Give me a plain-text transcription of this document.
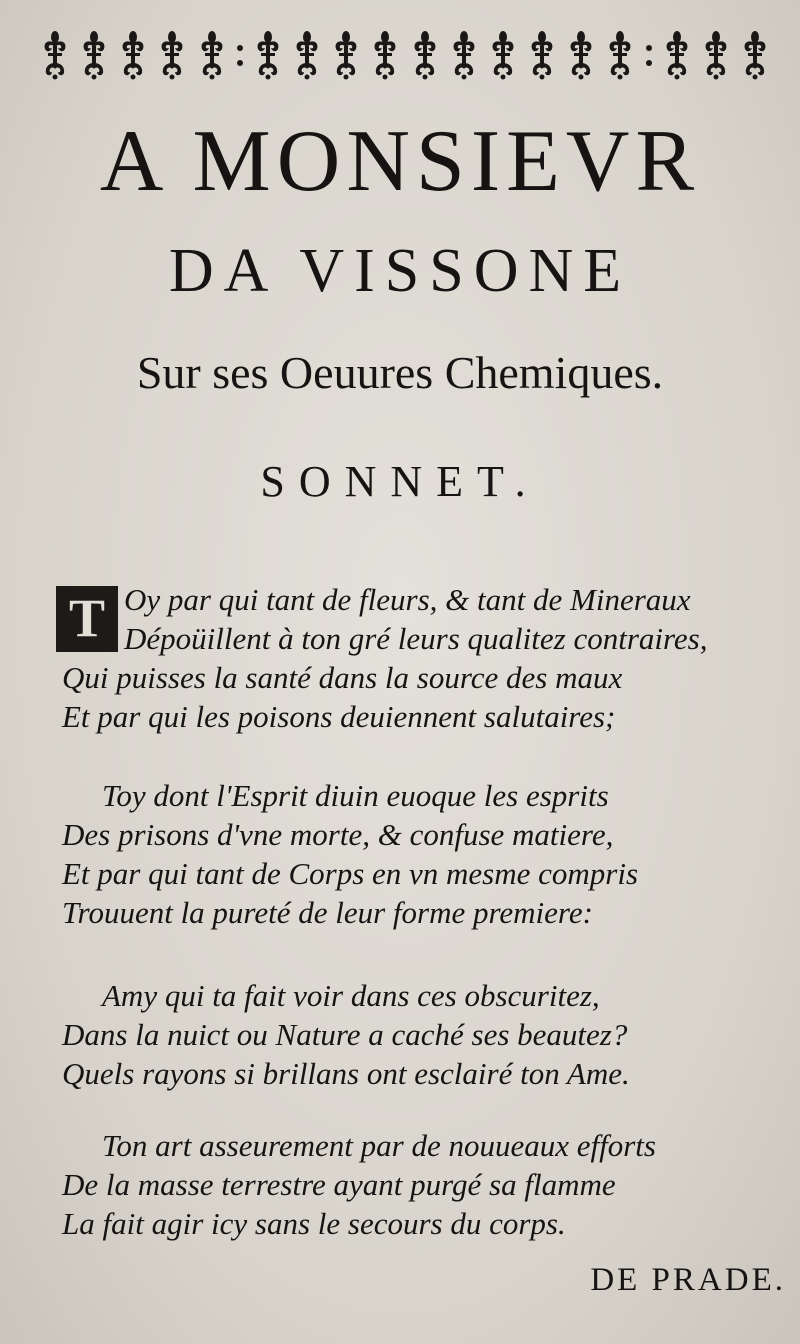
A MONSIEVR
DA VISSONE
Sur ses Oeuures Chemiques.
SONNET.
T Oy par qui tant de fleurs, & tant de Mineraux
Dépoüillent à ton gré leurs qualitez contraires,
Qui puisses la santé dans la source des maux
Et par qui les poisons deuiennent salutaires;
Toy dont l'Esprit diuin euoque les esprits
Des prisons d'vne morte, & confuse matiere,
Et par qui tant de Corps en vn mesme compris
Trouuent la pureté de leur forme premiere:
Amy qui ta fait voir dans ces obscuritez,
Dans la nuict ou Nature a caché ses beautez?
Quels rayons si brillans ont esclairé ton Ame.
Ton art asseurement par de nouueaux efforts
De la masse terrestre ayant purgé sa flamme
La fait agir icy sans le secours du corps.
DE PRADE.
